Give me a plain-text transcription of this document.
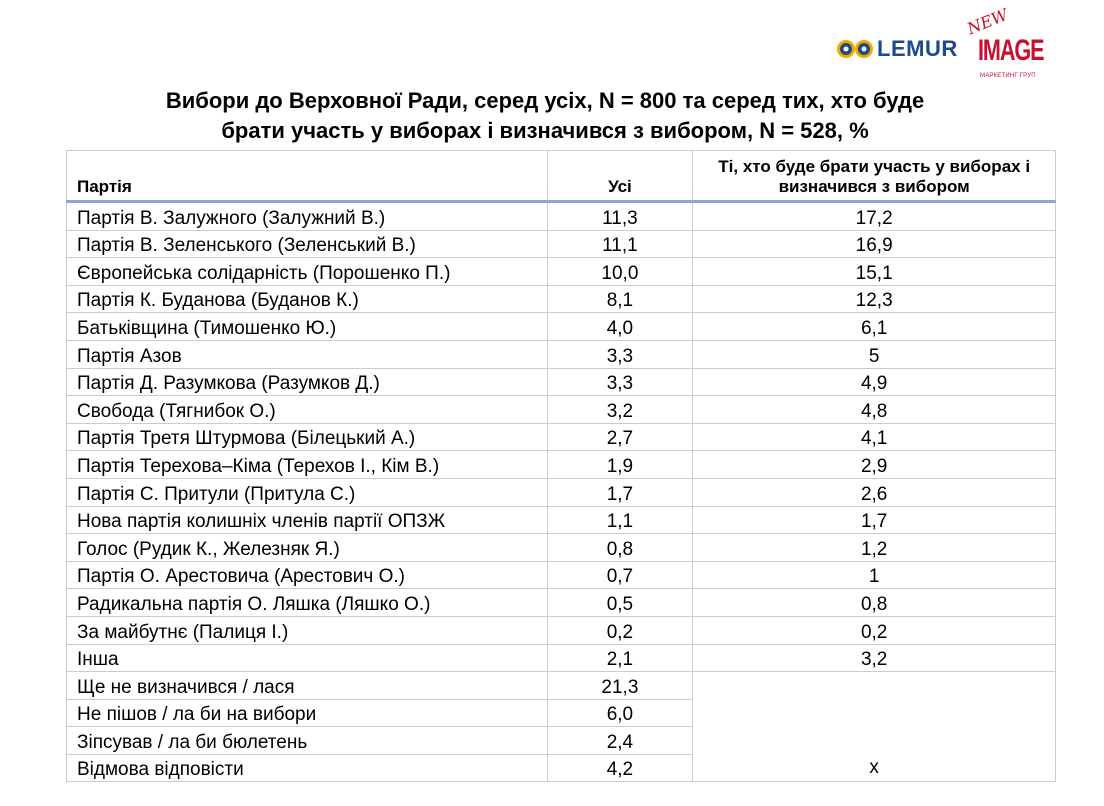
LEMUR
NEW
IMAGE
МАРКЕТИНГ ГРУП
Вибори до Верховної Ради, серед усіх, N = 800 та серед тих, хто буде
брати участь у виборах і визначився з вибором, N = 528, %
Партія	Усі	Ті, хто буде брати участь у виборах і визначився з вибором
Партія В. Залужного (Залужний В.)	11,3	17,2
Партія В. Зеленського (Зеленський В.)	11,1	16,9
Європейська солідарність (Порошенко П.)	10,0	15,1
Партія К. Буданова (Буданов К.)	8,1	12,3
Батьківщина (Тимошенко Ю.)	4,0	6,1
Партія Азов	3,3	5
Партія Д. Разумкова (Разумков Д.)	3,3	4,9
Свобода (Тягнибок О.)	3,2	4,8
Партія Третя Штурмова (Білецький А.)	2,7	4,1
Партія Терехова–Кіма (Терехов І., Кім В.)	1,9	2,9
Партія С. Притули (Притула С.)	1,7	2,6
Нова партія колишніх членів партії ОПЗЖ	1,1	1,7
Голос (Рудик К., Железняк Я.)	0,8	1,2
Партія О. Арестовича (Арестович О.)	0,7	1
Радикальна партія О. Ляшка (Ляшко О.)	0,5	0,8
За майбутнє (Палиця І.)	0,2	0,2
Інша	2,1	3,2
Ще не визначився / лася	21,3	х
Не пішов / ла би на вибори	6,0	
Зіпсував / ла би бюлетень	2,4	
Відмова відповісти	4,2	
